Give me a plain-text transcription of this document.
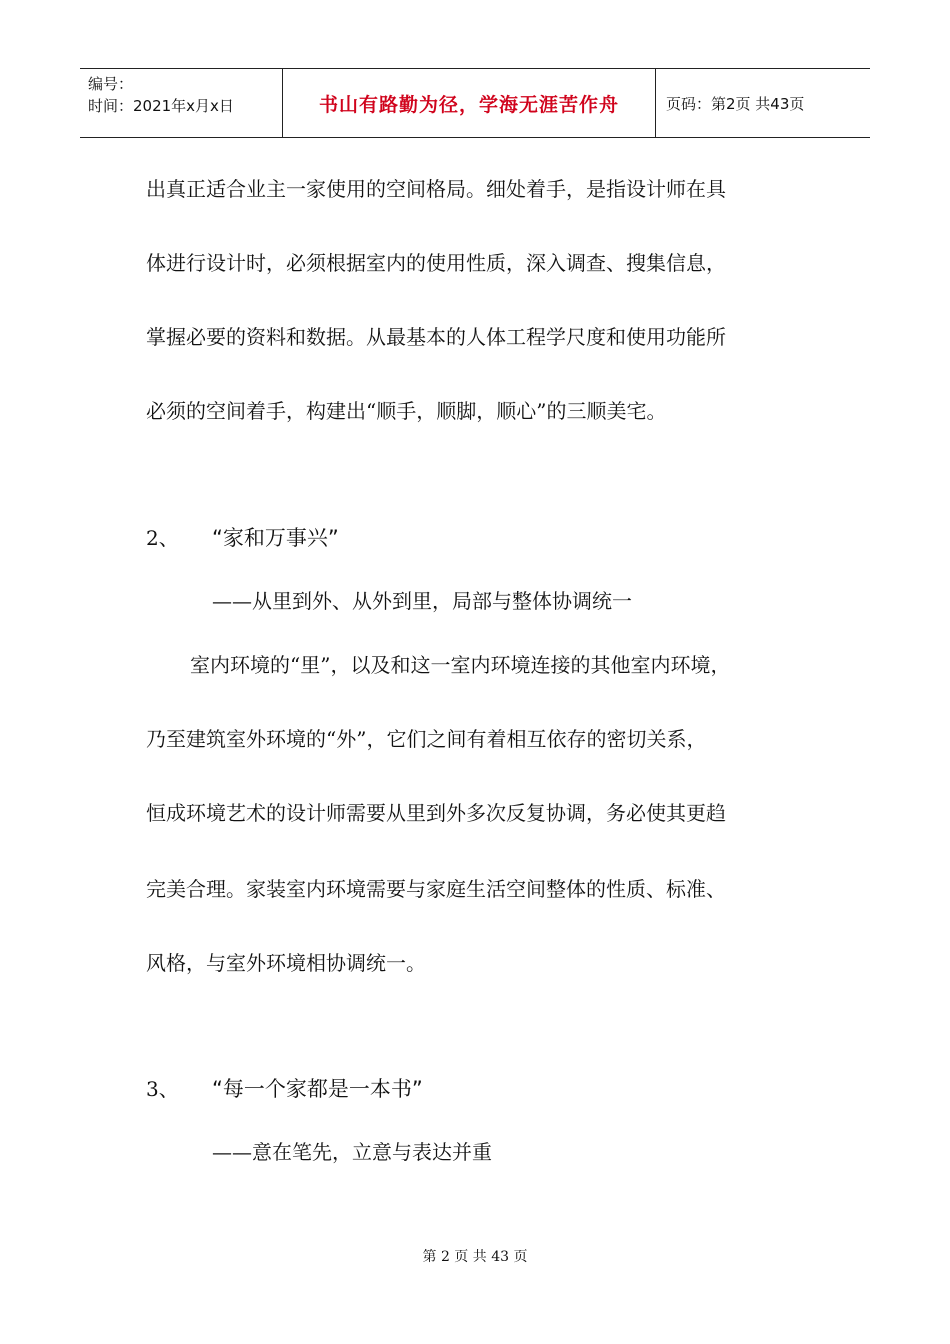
编号：
时间：2021年x月x日	书山有路勤为径，学海无涯苦作舟	页码：第2页 共43页
出真正适合业主一家使用的空间格局。细处着手，是指设计师在具
体进行设计时，必须根据室内的使用性质，深入调查、搜集信息，
掌握必要的资料和数据。从最基本的人体工程学尺度和使用功能所
必须的空间着手，构建出“顺手，顺脚，顺心”的三顺美宅。
2、 “家和万事兴”
——从里到外、从外到里，局部与整体协调统一
室内环境的“里”，以及和这一室内环境连接的其他室内环境，
乃至建筑室外环境的“外”，它们之间有着相互依存的密切关系，
恒成环境艺术的设计师需要从里到外多次反复协调，务必使其更趋
完美合理。家装室内环境需要与家庭生活空间整体的性质、标准、
风格，与室外环境相协调统一。
3、 “每一个家都是一本书”
——意在笔先，立意与表达并重
第 2 页 共 43 页
